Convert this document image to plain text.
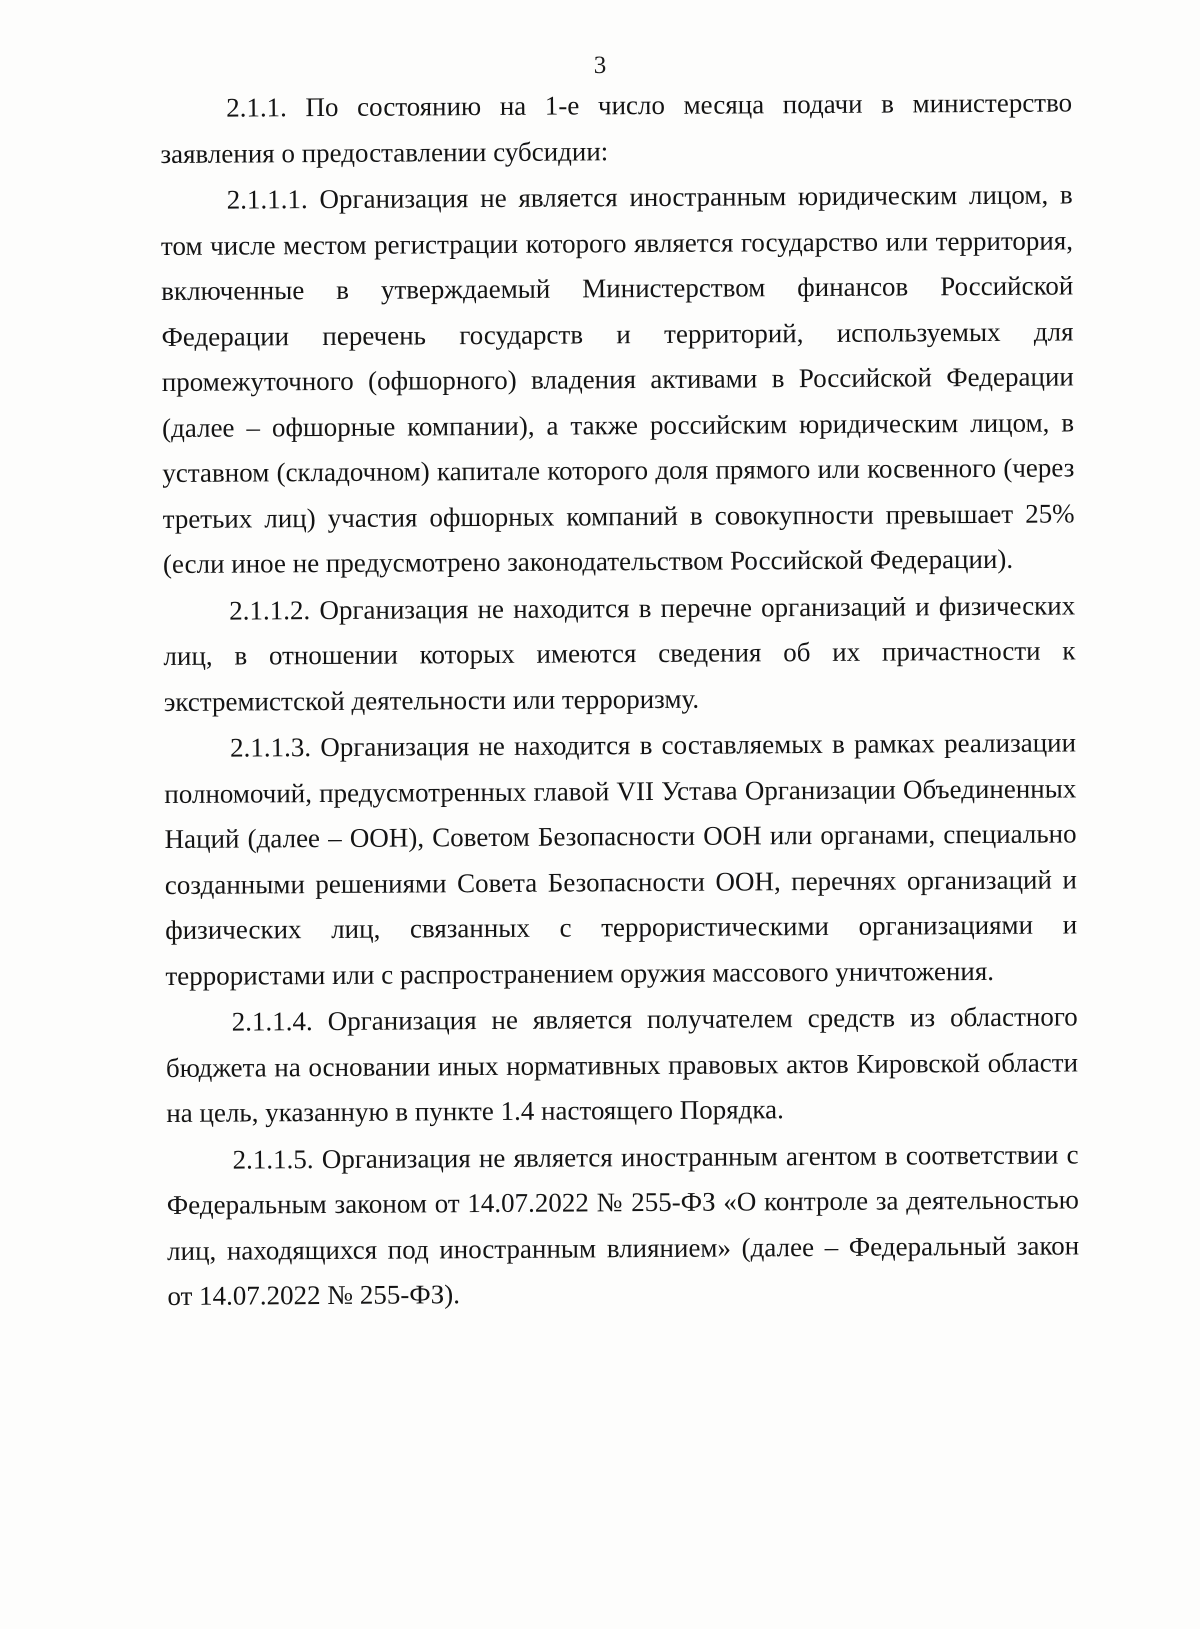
3

2.1.1. По состоянию на 1-е число месяца подачи в министерство заявления о предоставлении субсидии:

2.1.1.1. Организация не является иностранным юридическим лицом, в том числе местом регистрации которого является государство или территория, включенные в утверждаемый Министерством финансов Российской Федерации перечень государств и территорий, используемых для промежуточного (офшорного) владения активами в Российской Федерации (далее – офшорные компании), а также российским юридическим лицом, в уставном (складочном) капитале которого доля прямого или косвенного (через третьих лиц) участия офшорных компаний в совокупности превышает 25% (если иное не предусмотрено законодательством Российской Федерации).

2.1.1.2. Организация не находится в перечне организаций и физических лиц, в отношении которых имеются сведения об их причастности к экстремистской деятельности или терроризму.

2.1.1.3. Организация не находится в составляемых в рамках реализации полномочий, предусмотренных главой VII Устава Организации Объединенных Наций (далее – ООН), Советом Безопасности ООН или органами, специально созданными решениями Совета Безопасности ООН, перечнях организаций и физических лиц, связанных с террористическими организациями и террористами или с распространением оружия массового уничтожения.

2.1.1.4. Организация не является получателем средств из областного бюджета на основании иных нормативных правовых актов Кировской области на цель, указанную в пункте 1.4 настоящего Порядка.

2.1.1.5. Организация не является иностранным агентом в соответствии с Федеральным законом от 14.07.2022 № 255-ФЗ «О контроле за деятельностью лиц, находящихся под иностранным влиянием» (далее – Федеральный закон от 14.07.2022 № 255-ФЗ).
